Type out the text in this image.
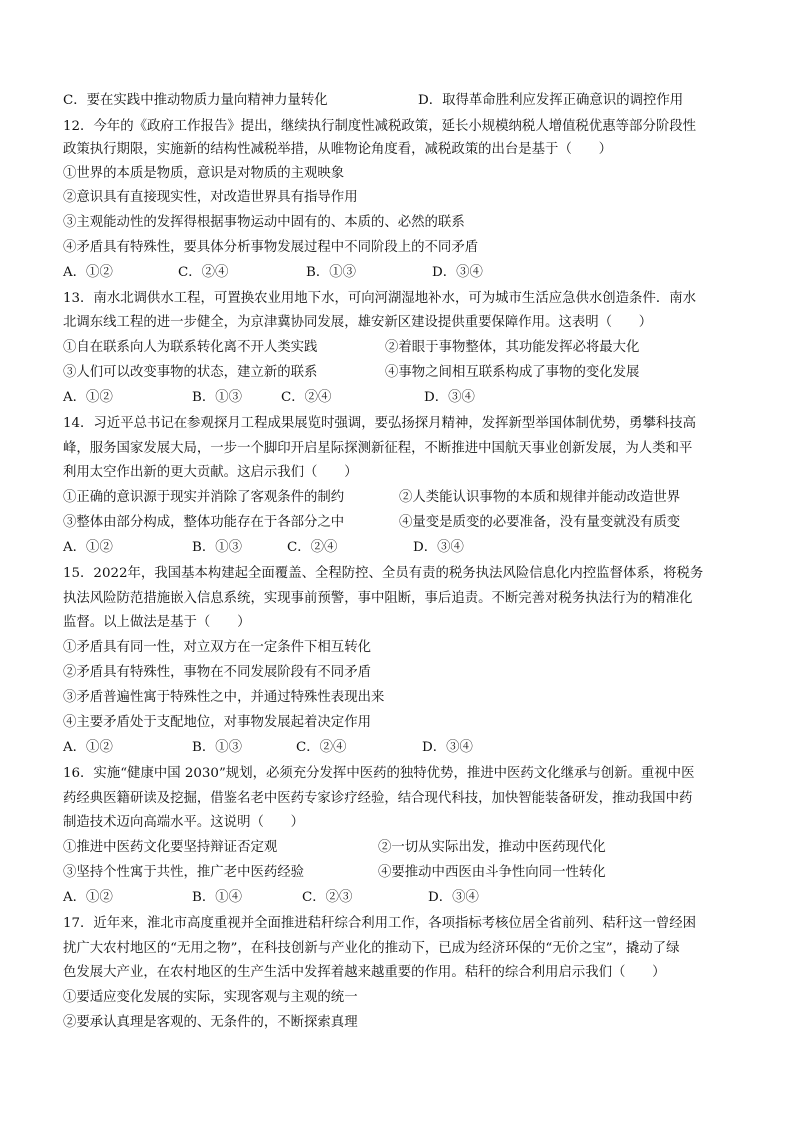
C．要在实践中推动物质力量向精神力量转化	D．取得革命胜利应发挥正确意识的调控作用
12．今年的《政府工作报告》提出，继续执行制度性减税政策，延长小规模纳税人增值税优惠等部分阶段性
政策执行期限，实施新的结构性减税举措，从唯物论角度看，减税政策的出台是基于（　　）
①世界的本质是物质，意识是对物质的主观映象
②意识具有直接现实性，对改造世界具有指导作用
③主观能动性的发挥得根据事物运动中固有的、本质的、必然的联系
④矛盾具有特殊性，要具体分析事物发展过程中不同阶段上的不同矛盾
A．①②	C．②④	B．①③	D．③④
13．南水北调供水工程，可置换农业用地下水，可向河湖湿地补水，可为城市生活应急供水创造条件．南水
北调东线工程的进一步健全，为京津冀协同发展，雄安新区建设提供重要保障作用。这表明（　　）
①自在联系向人为联系转化离不开人类实践	②着眼于事物整体，其功能发挥必将最大化
③人们可以改变事物的状态，建立新的联系	④事物之间相互联系构成了事物的变化发展
A．①②	B．①③	C．②④	D．③④
14．习近平总书记在参观探月工程成果展览时强调，要弘扬探月精神，发挥新型举国体制优势，勇攀科技高
峰，服务国家发展大局，一步一个脚印开启星际探测新征程，不断推进中国航天事业创新发展，为人类和平
利用太空作出新的更大贡献。这启示我们（　　）
①正确的意识源于现实并消除了客观条件的制约	②人类能认识事物的本质和规律并能动改造世界
③整体由部分构成，整体功能存在于各部分之中	④量变是质变的必要准备，没有量变就没有质变
A．①②	B．①③	C．②④	D．③④
15．2022年，我国基本构建起全面覆盖、全程防控、全员有责的税务执法风险信息化内控监督体系，将税务
执法风险防范措施嵌入信息系统，实现事前预警，事中阻断，事后追责。不断完善对税务执法行为的精准化
监督。以上做法是基于（　　）
①矛盾具有同一性，对立双方在一定条件下相互转化
②矛盾具有特殊性，事物在不同发展阶段有不同矛盾
③矛盾普遍性寓于特殊性之中，并通过特殊性表现出来
④主要矛盾处于支配地位，对事物发展起着决定作用
A．①②	B．①③	C．②④	D．③④
16．实施“健康中国 2030”规划，必须充分发挥中医药的独特优势，推进中医药文化继承与创新。重视中医
药经典医籍研读及挖掘，借鉴名老中医药专家诊疗经验，结合现代科技，加快智能装备研发，推动我国中药
制造技术迈向高端水平。这说明（　　）
①推进中医药文化要坚持辩证否定观	②一切从实际出发，推动中医药现代化
③坚持个性寓于共性，推广老中医药经验	④要推动中西医由斗争性向同一性转化
A．①②	B．①④	C．②③	D．③④
17．近年来，淮北市高度重视并全面推进秸秆综合利用工作，各项指标考核位居全省前列、秸秆这一曾经困
扰广大农村地区的“无用之物”，在科技创新与产业化的推动下，已成为经济环保的“无价之宝”，撬动了绿
色发展大产业，在农村地区的生产生活中发挥着越来越重要的作用。秸秆的综合利用启示我们（　　）
①要适应变化发展的实际，实现客观与主观的统一
②要承认真理是客观的、无条件的，不断探索真理
